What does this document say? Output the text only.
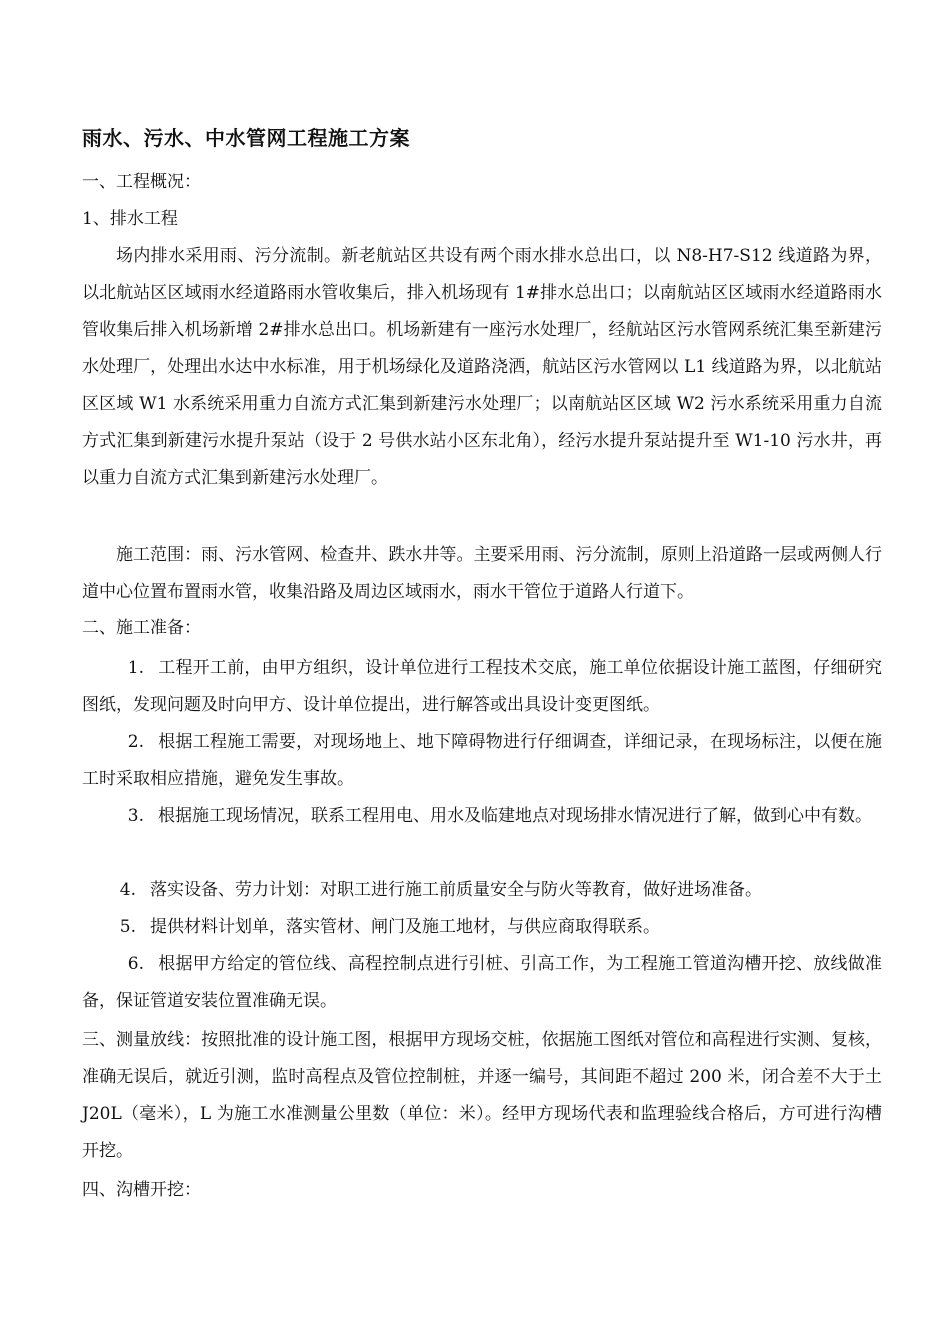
雨水、污水、中水管网工程施工方案
一、工程概况：
1、排水工程
场内排水采用雨、污分流制。新老航站区共设有两个雨水排水总出口，以 N8-H7-S12 线道路为界，以北航站区区域雨水经道路雨水管收集后，排入机场现有 1#排水总出口；以南航站区区域雨水经道路雨水管收集后排入机场新增 2#排水总出口。机场新建有一座污水处理厂，经航站区污水管网系统汇集至新建污水处理厂，处理出水达中水标准，用于机场绿化及道路浇洒，航站区污水管网以 L1 线道路为界，以北航站区区域 W1 水系统采用重力自流方式汇集到新建污水处理厂；以南航站区区域 W2 污水系统采用重力自流方式汇集到新建污水提升泵站（设于 2 号供水站小区东北角），经污水提升泵站提升至 W1-10 污水井，再以重力自流方式汇集到新建污水处理厂。
施工范围：雨、污水管网、检查井、跌水井等。主要采用雨、污分流制，原则上沿道路一层或两侧人行道中心位置布置雨水管，收集沿路及周边区域雨水，雨水干管位于道路人行道下。
二、施工准备：
1. 工程开工前，由甲方组织，设计单位进行工程技术交底，施工单位依据设计施工蓝图，仔细研究图纸，发现问题及时向甲方、设计单位提出，进行解答或出具设计变更图纸。
2. 根据工程施工需要，对现场地上、地下障碍物进行仔细调查，详细记录，在现场标注，以便在施工时采取相应措施，避免发生事故。
3. 根据施工现场情况，联系工程用电、用水及临建地点对现场排水情况进行了解，做到心中有数。
4. 落实设备、劳力计划：对职工进行施工前质量安全与防火等教育，做好进场准备。
5. 提供材料计划单，落实管材、闸门及施工地材，与供应商取得联系。
6. 根据甲方给定的管位线、高程控制点进行引桩、引高工作，为工程施工管道沟槽开挖、放线做准备，保证管道安装位置准确无误。
三、测量放线：按照批准的设计施工图，根据甲方现场交桩，依据施工图纸对管位和高程进行实测、复核，准确无误后，就近引测，监时高程点及管位控制桩，并逐一编号，其间距不超过 200 米，闭合差不大于土 J20L（毫米），L 为施工水准测量公里数（单位：米）。经甲方现场代表和监理验线合格后，方可进行沟槽开挖。
四、沟槽开挖：
